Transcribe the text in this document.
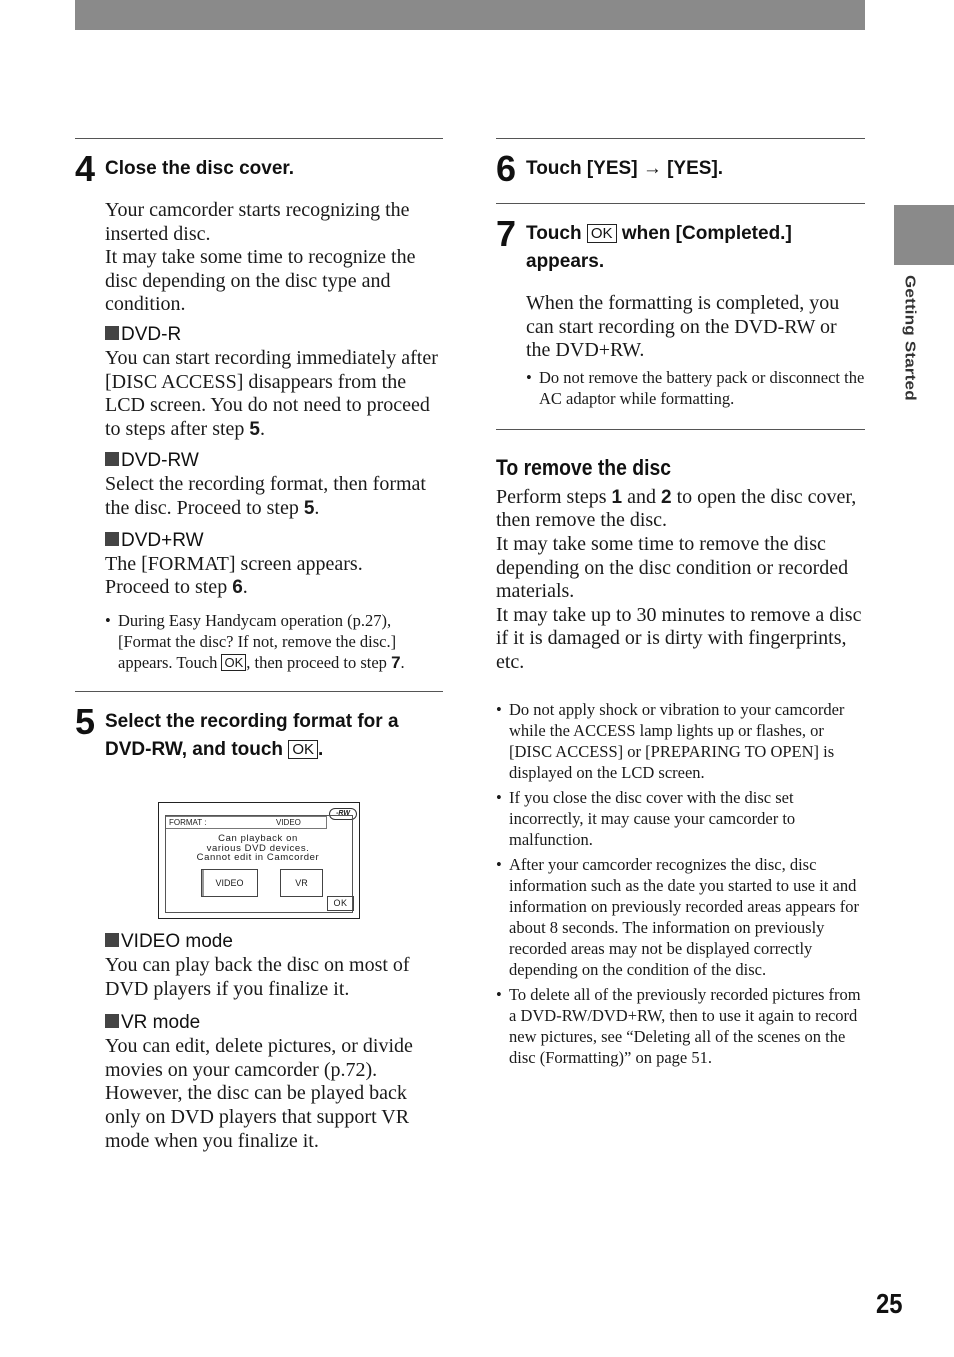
Getting Started
4 Close the disc cover.
Your camcorder starts recognizing the inserted disc.
It may take some time to recognize the disc depending on the disc type and condition.
DVD-R
You can start recording immediately after [DISC ACCESS] disappears from the LCD screen. You do not need to proceed to steps after step 5.
DVD-RW
Select the recording format, then format the disc. Proceed to step 5.
DVD+RW
The [FORMAT] screen appears.
Proceed to step 6.
• During Easy Handycam operation (p.27), [Format the disc? If not, remove the disc.] appears. Touch OK , then proceed to step 7.
5 Select the recording format for a DVD-RW, and touch OK .
-RW
FORMAT :	VIDEO
Can playback on
various DVD devices.
Cannot edit in Camcorder
VIDEO	VR
OK
VIDEO mode
You can play back the disc on most of DVD players if you finalize it.
VR mode
You can edit, delete pictures, or divide movies on your camcorder (p.72). However, the disc can be played back only on DVD players that support VR mode when you finalize it.
6 Touch [YES] → [YES].
7 Touch OK when [Completed.] appears.
When the formatting is completed, you can start recording on the DVD-RW or the DVD+RW.
• Do not remove the battery pack or disconnect the AC adaptor while formatting.
To remove the disc
Perform steps 1 and 2 to open the disc cover, then remove the disc.
It may take some time to remove the disc depending on the disc condition or recorded materials.
It may take up to 30 minutes to remove a disc if it is damaged or is dirty with fingerprints, etc.
• Do not apply shock or vibration to your camcorder while the ACCESS lamp lights up or flashes, or [DISC ACCESS] or [PREPARING TO OPEN] is displayed on the LCD screen.
• If you close the disc cover with the disc set incorrectly, it may cause your camcorder to malfunction.
• After your camcorder recognizes the disc, disc information such as the date you started to use it and information on previously recorded areas appears for about 8 seconds. The information on previously recorded areas may not be displayed correctly depending on the condition of the disc.
• To delete all of the previously recorded pictures from a DVD-RW/DVD+RW, then to use it again to record new pictures, see “Deleting all of the scenes on the disc (Formatting)” on page 51.
25
